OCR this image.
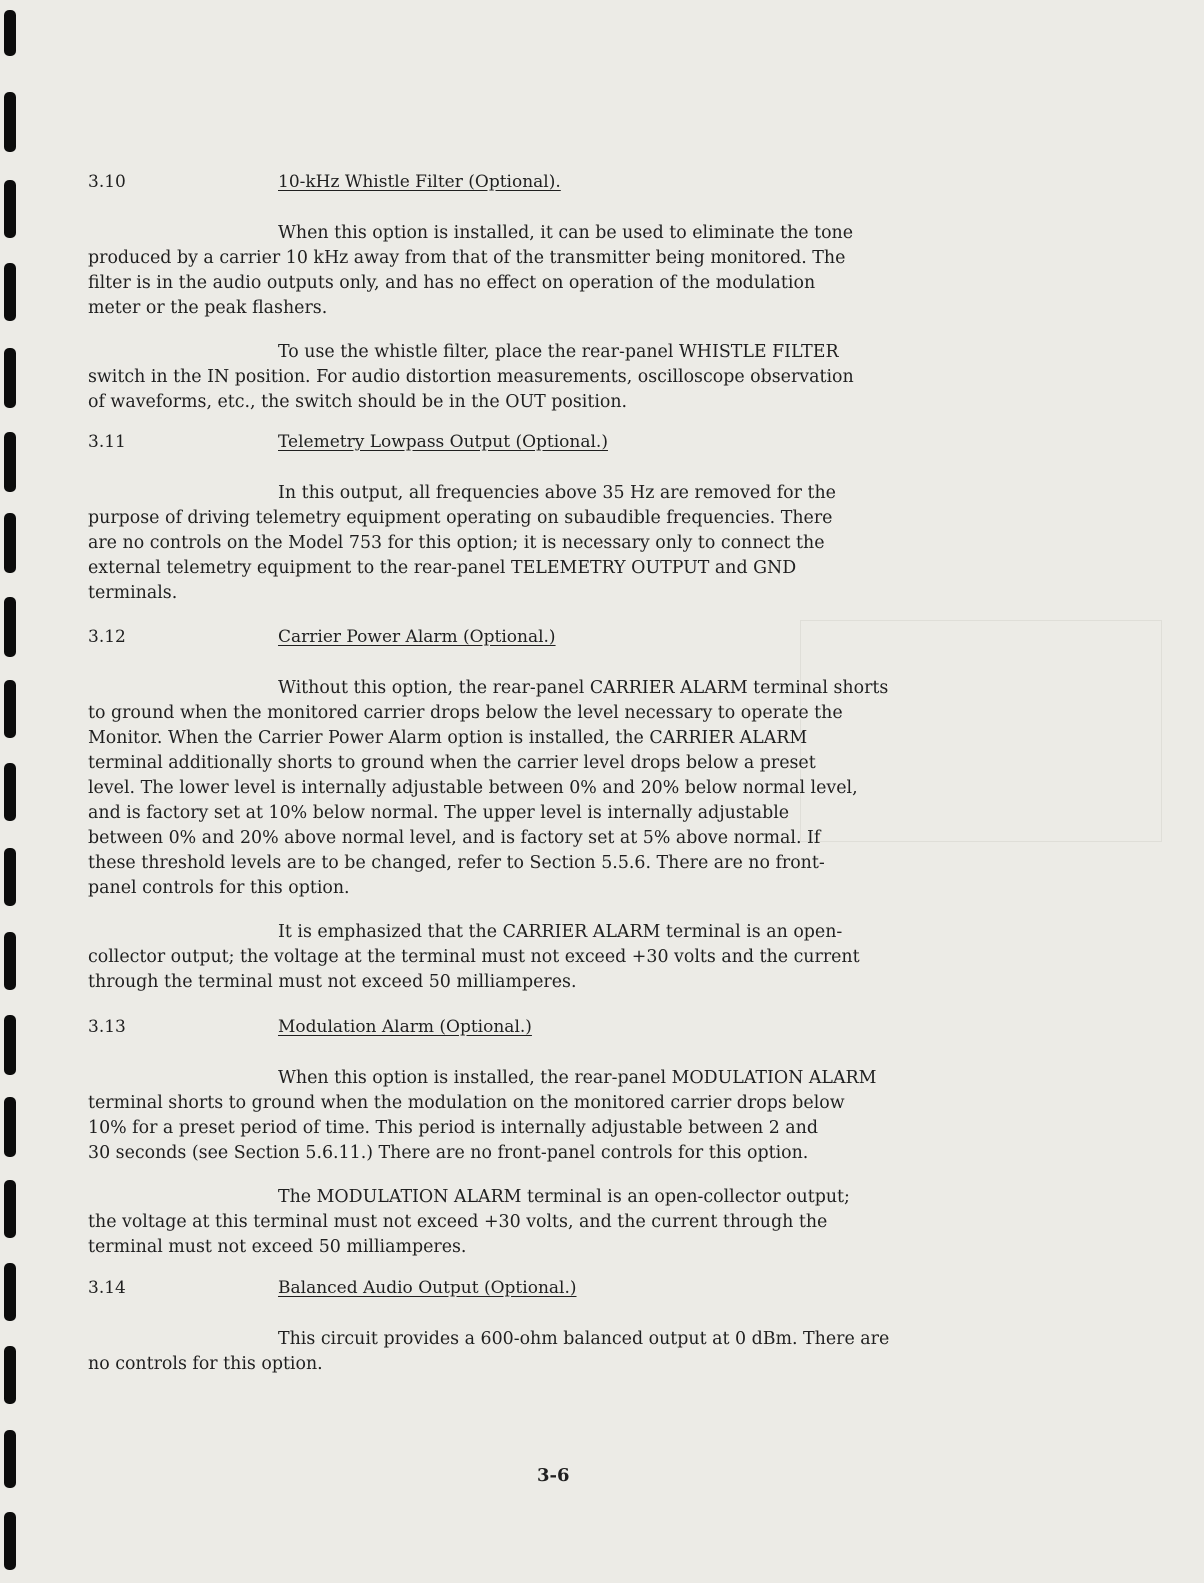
3.10	10-kHz Whistle Filter (Optional).

When this option is installed, it can be used to eliminate the tone
produced by a carrier 10 kHz away from that of the transmitter being monitored. The
filter is in the audio outputs only, and has no effect on operation of the modulation
meter or the peak flashers.

To use the whistle filter, place the rear-panel WHISTLE FILTER
switch in the IN position. For audio distortion measurements, oscilloscope observation
of waveforms, etc., the switch should be in the OUT position.

3.11	Telemetry Lowpass Output (Optional.)

In this output, all frequencies above 35 Hz are removed for the
purpose of driving telemetry equipment operating on subaudible frequencies. There
are no controls on the Model 753 for this option; it is necessary only to connect the
external telemetry equipment to the rear-panel TELEMETRY OUTPUT and GND
terminals.

3.12	Carrier Power Alarm (Optional.)

Without this option, the rear-panel CARRIER ALARM terminal shorts
to ground when the monitored carrier drops below the level necessary to operate the
Monitor. When the Carrier Power Alarm option is installed, the CARRIER ALARM
terminal additionally shorts to ground when the carrier level drops below a preset
level. The lower level is internally adjustable between 0% and 20% below normal level,
and is factory set at 10% below normal. The upper level is internally adjustable
between 0% and 20% above normal level, and is factory set at 5% above normal. If
these threshold levels are to be changed, refer to Section 5.5.6. There are no front-
panel controls for this option.

It is emphasized that the CARRIER ALARM terminal is an open-
collector output; the voltage at the terminal must not exceed +30 volts and the current
through the terminal must not exceed 50 milliamperes.

3.13	Modulation Alarm (Optional.)

When this option is installed, the rear-panel MODULATION ALARM
terminal shorts to ground when the modulation on the monitored carrier drops below
10% for a preset period of time. This period is internally adjustable between 2 and
30 seconds (see Section 5.6.11.) There are no front-panel controls for this option.

The MODULATION ALARM terminal is an open-collector output;
the voltage at this terminal must not exceed +30 volts, and the current through the
terminal must not exceed 50 milliamperes.

3.14	Balanced Audio Output (Optional.)

This circuit provides a 600-ohm balanced output at 0 dBm. There are
no controls for this option.

3-6
